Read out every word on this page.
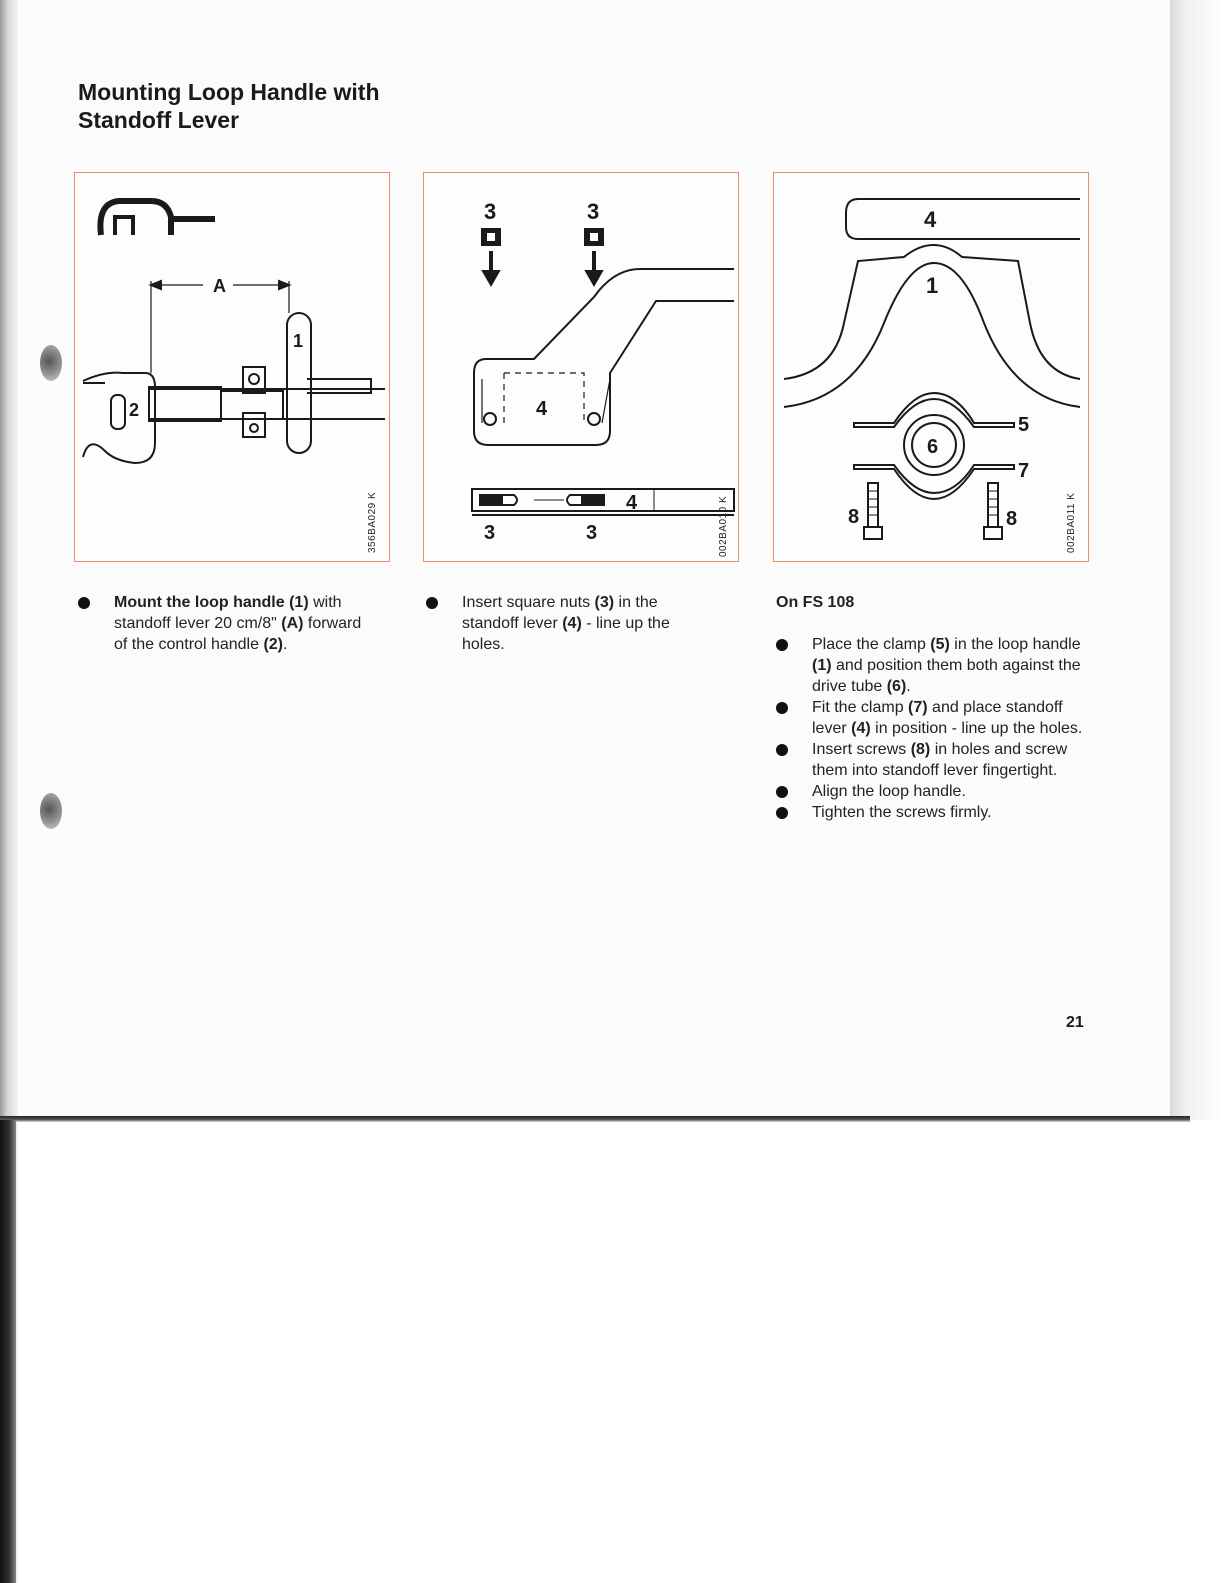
Mounting Loop Handle with
Standoff Lever
A
1
2
356BA029 K
3	3
4
4
3	3	002BA010 K
4
1
5
6
7
8	8	002BA011 K
Mount the loop handle (1) with standoff lever 20 cm/8" (A) forward of the control handle (2).
Insert square nuts (3) in the standoff lever (4) - line up the holes.

On FS 108

Place the clamp (5) in the loop handle (1) and position them both against the drive tube (6).
Fit the clamp (7) and place standoff lever (4) in position - line up the holes.
Insert screws (8) in holes and screw them into standoff lever fingertight.
Align the loop handle.
Tighten the screws firmly.
21
